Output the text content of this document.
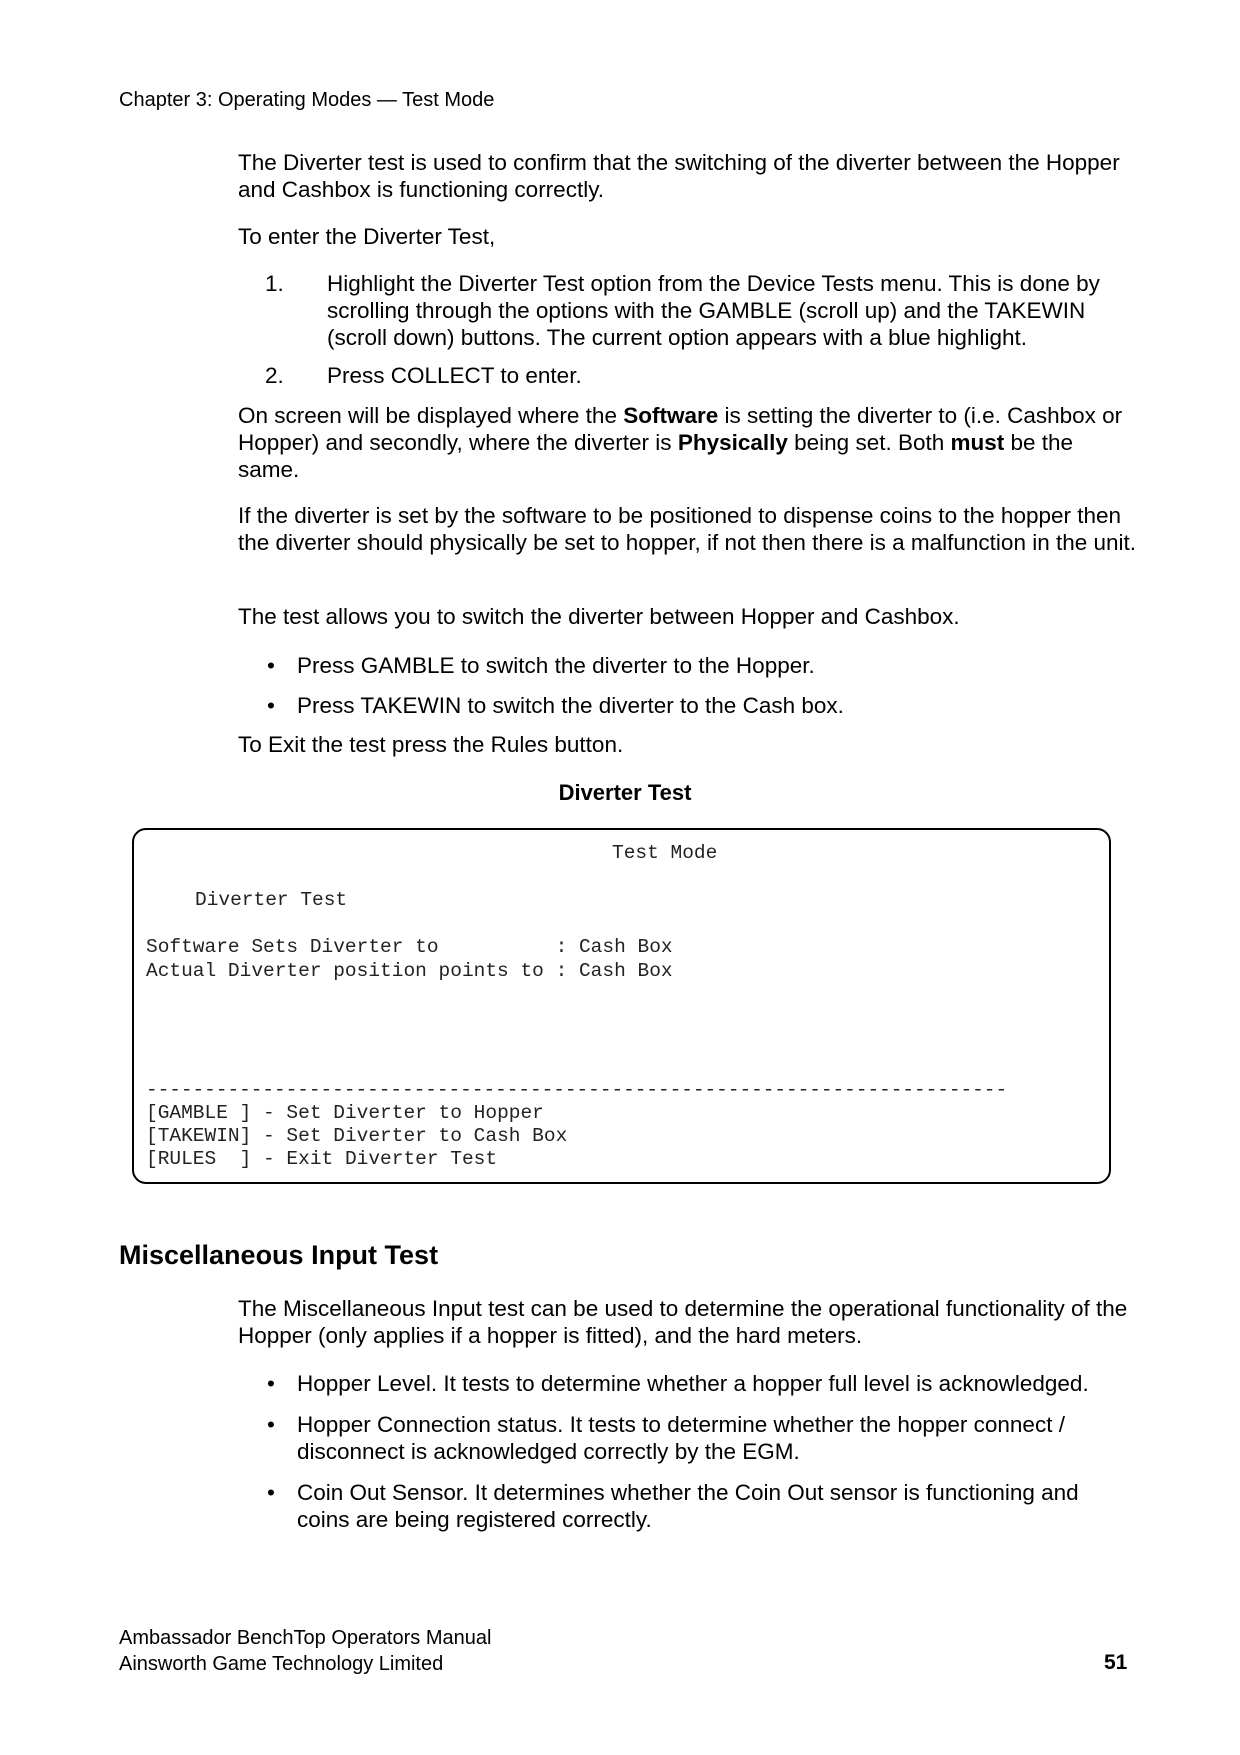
Chapter 3: Operating Modes — Test Mode

The Diverter test is used to confirm that the switching of the diverter between the Hopper and Cashbox is functioning correctly.

To enter the Diverter Test,

1. Highlight the Diverter Test option from the Device Tests menu. This is done by scrolling through the options with the GAMBLE (scroll up) and the TAKEWIN (scroll down) buttons. The current option appears with a blue highlight.
2. Press COLLECT to enter.

On screen will be displayed where the Software is setting the diverter to (i.e. Cashbox or Hopper) and secondly, where the diverter is Physically being set. Both must be the same.

If the diverter is set by the software to be positioned to dispense coins to the hopper then the diverter should physically be set to hopper, if not then there is a malfunction in the unit.

The test allows you to switch the diverter between Hopper and Cashbox.

• Press GAMBLE to switch the diverter to the Hopper.
• Press TAKEWIN to switch the diverter to the Cash box.

To Exit the test press the Rules button.

Diverter Test
Test Mode
Diverter Test
Software Sets Diverter to          : Cash Box
Actual Diverter position points to : Cash Box
--------------------------------------------------------------------------
[GAMBLE ] - Set Diverter to Hopper
[TAKEWIN] - Set Diverter to Cash Box
[RULES  ] - Exit Diverter Test
Miscellaneous Input Test

The Miscellaneous Input test can be used to determine the operational functionality of the Hopper (only applies if a hopper is fitted), and the hard meters.

• Hopper Level. It tests to determine whether a hopper full level is acknowledged.
• Hopper Connection status. It tests to determine whether the hopper connect / disconnect is acknowledged correctly by the EGM.
• Coin Out Sensor. It determines whether the Coin Out sensor is functioning and coins are being registered correctly.
Ambassador BenchTop Operators Manual
Ainsworth Game Technology Limited	51
